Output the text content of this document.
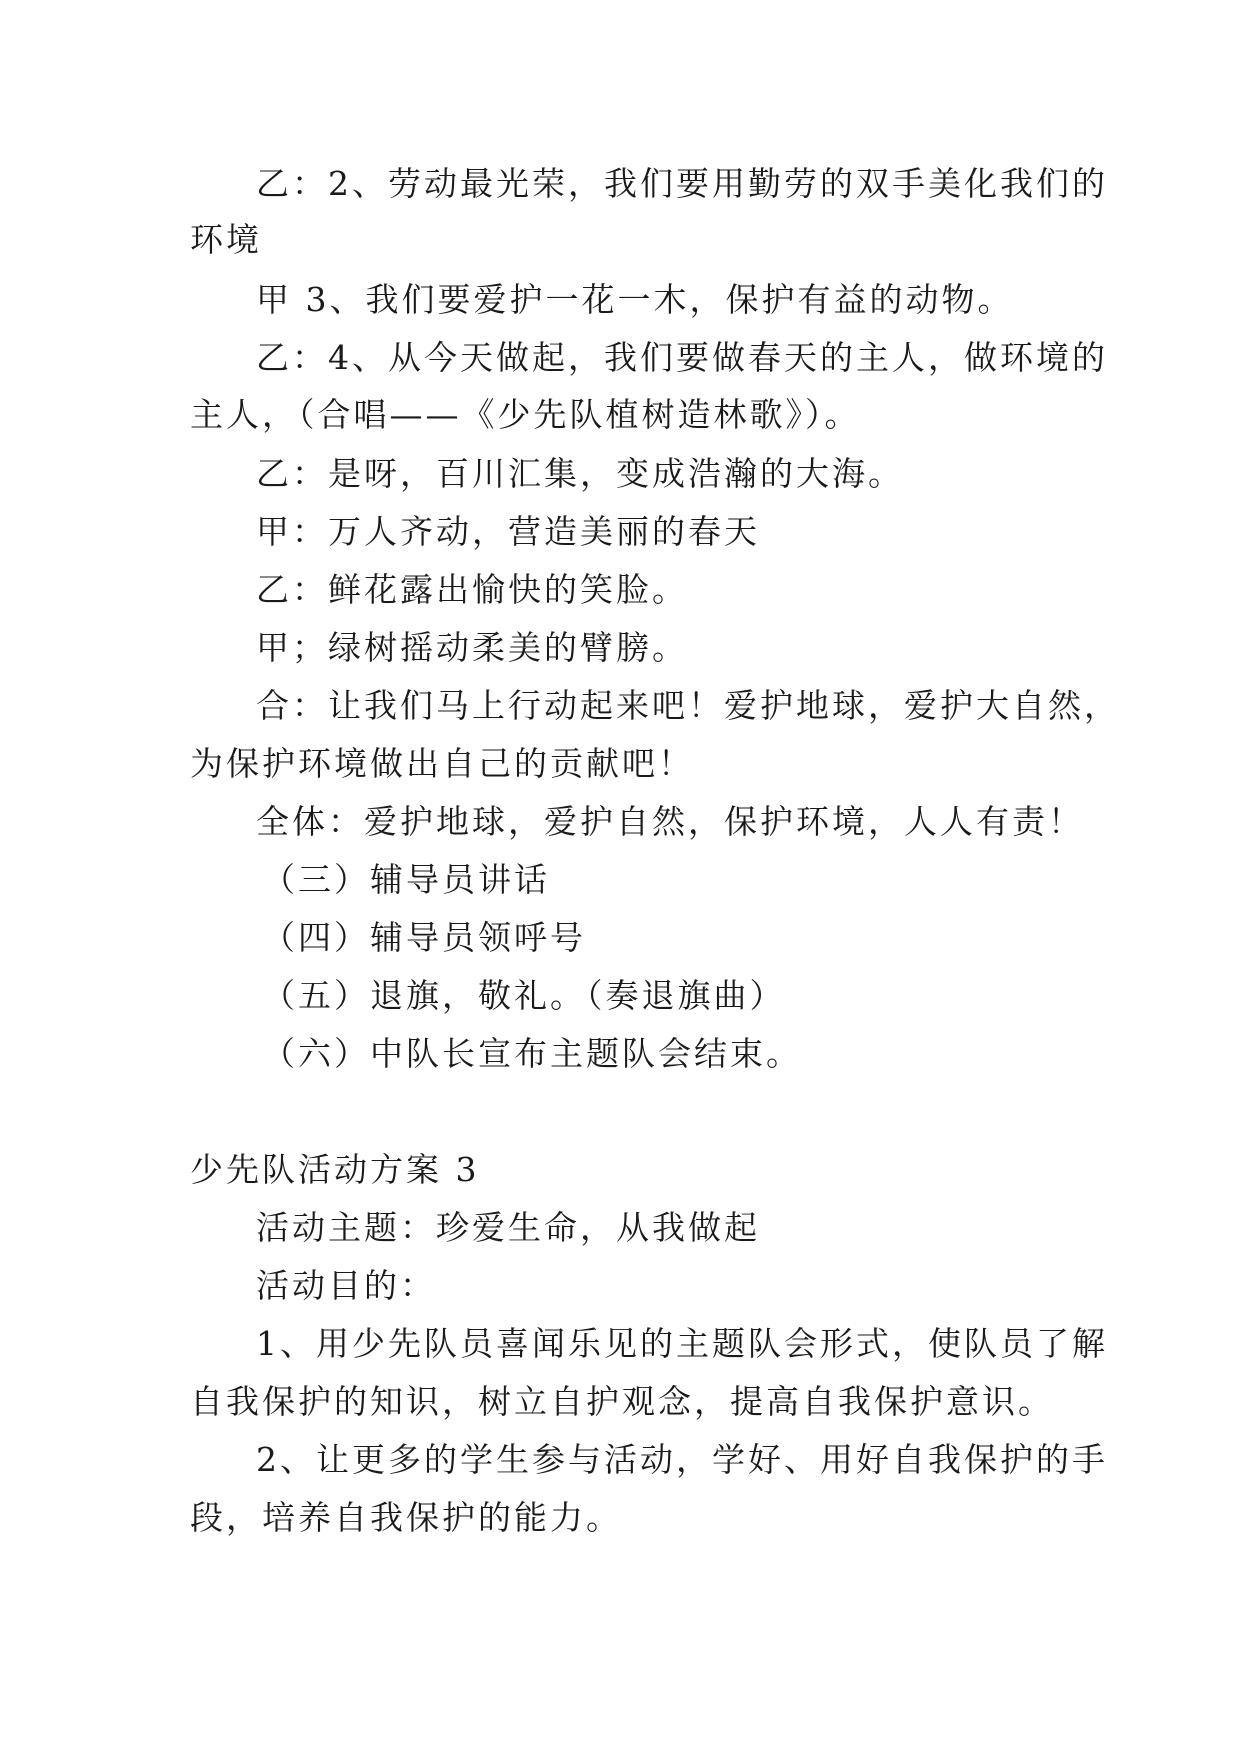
乙：2、劳动最光荣，我们要用勤劳的双手美化我们的
环境
甲 3、我们要爱护一花一木，保护有益的动物。
乙：4、从今天做起，我们要做春天的主人，做环境的
主人，（合唱——《少先队植树造林歌》）。
乙：是呀，百川汇集，变成浩瀚的大海。
甲：万人齐动，营造美丽的春天
乙：鲜花露出愉快的笑脸。
甲；绿树摇动柔美的臂膀。
合：让我们马上行动起来吧！爱护地球，爱护大自然，
为保护环境做出自己的贡献吧！
全体：爱护地球，爱护自然，保护环境，人人有责！
（三）辅导员讲话
（四）辅导员领呼号
（五）退旗，敬礼。（奏退旗曲）
（六）中队长宣布主题队会结束。
少先队活动方案 3
活动主题：珍爱生命，从我做起
活动目的：
1、用少先队员喜闻乐见的主题队会形式，使队员了解
自我保护的知识，树立自护观念，提高自我保护意识。
2、让更多的学生参与活动，学好、用好自我保护的手
段，培养自我保护的能力。
